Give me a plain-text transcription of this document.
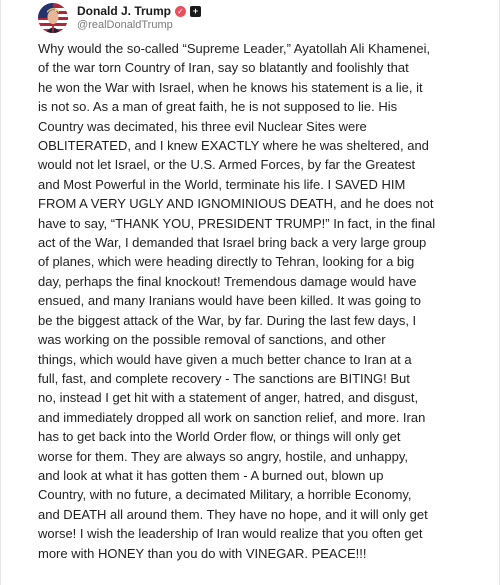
Donald J. Trump ✓	+
@realDonaldTrump

Why would the so-called “Supreme Leader,” Ayatollah Ali Khamenei,
of the war torn Country of Iran, say so blatantly and foolishly that
he won the War with Israel, when he knows his statement is a lie, it
is not so. As a man of great faith, he is not supposed to lie. His
Country was decimated, his three evil Nuclear Sites were
OBLITERATED, and I knew EXACTLY where he was sheltered, and
would not let Israel, or the U.S. Armed Forces, by far the Greatest
and Most Powerful in the World, terminate his life. I SAVED HIM
FROM A VERY UGLY AND IGNOMINIOUS DEATH, and he does not
have to say, “THANK YOU, PRESIDENT TRUMP!” In fact, in the final
act of the War, I demanded that Israel bring back a very large group
of planes, which were heading directly to Tehran, looking for a big
day, perhaps the final knockout! Tremendous damage would have
ensued, and many Iranians would have been killed. It was going to
be the biggest attack of the War, by far. During the last few days, I
was working on the possible removal of sanctions, and other
things, which would have given a much better chance to Iran at a
full, fast, and complete recovery - The sanctions are BITING! But
no, instead I get hit with a statement of anger, hatred, and disgust,
and immediately dropped all work on sanction relief, and more. Iran
has to get back into the World Order flow, or things will only get
worse for them. They are always so angry, hostile, and unhappy,
and look at what it has gotten them - A burned out, blown up
Country, with no future, a decimated Military, a horrible Economy,
and DEATH all around them. They have no hope, and it will only get
worse! I wish the leadership of Iran would realize that you often get
more with HONEY than you do with VINEGAR. PEACE!!!
